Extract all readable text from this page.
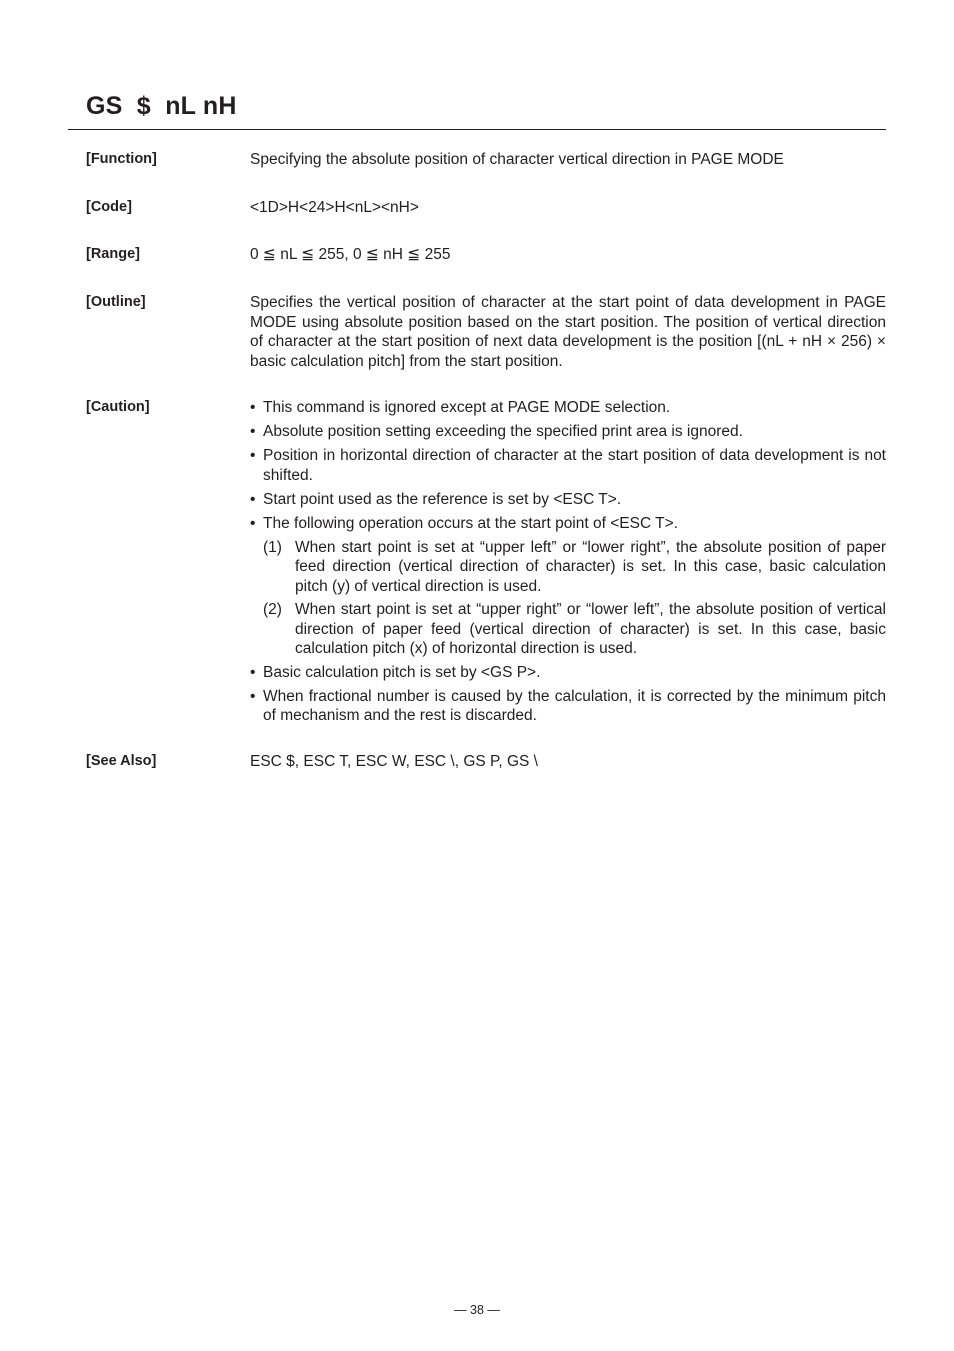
GS  $  nL nH
[Function]	Specifying the absolute position of character vertical direction in PAGE MODE
[Code]	<1D>H<24>H<nL><nH>
[Range]	0 ≦ nL ≦ 255, 0 ≦ nH ≦ 255
[Outline]	Specifies the vertical position of character at the start point of data development in PAGE MODE using absolute position based on the start position. The position of vertical direction of character at the start position of next data development is the position [(nL + nH × 256) × basic calculation pitch] from the start position.
[Caution]	• This command is ignored except at PAGE MODE selection.
• Absolute position setting exceeding the specified print area is ignored.
• Position in horizontal direction of character at the start position of data development is not shifted.
• Start point used as the reference is set by <ESC T>.
• The following operation occurs at the start point of <ESC T>.
(1) When start point is set at “upper left” or “lower right”, the absolute position of paper feed direction (vertical direction of character) is set. In this case, basic calculation pitch (y) of vertical direction is used.
(2) When start point is set at “upper right” or “lower left”, the absolute position of vertical direction of paper feed (vertical direction of character) is set. In this case, basic calculation pitch (x) of horizontal direction is used.
• Basic calculation pitch is set by <GS P>.
• When fractional number is caused by the calculation, it is corrected by the minimum pitch of mechanism and the rest is discarded.
[See Also]	ESC $, ESC T, ESC W, ESC \, GS P, GS \
— 38 —
